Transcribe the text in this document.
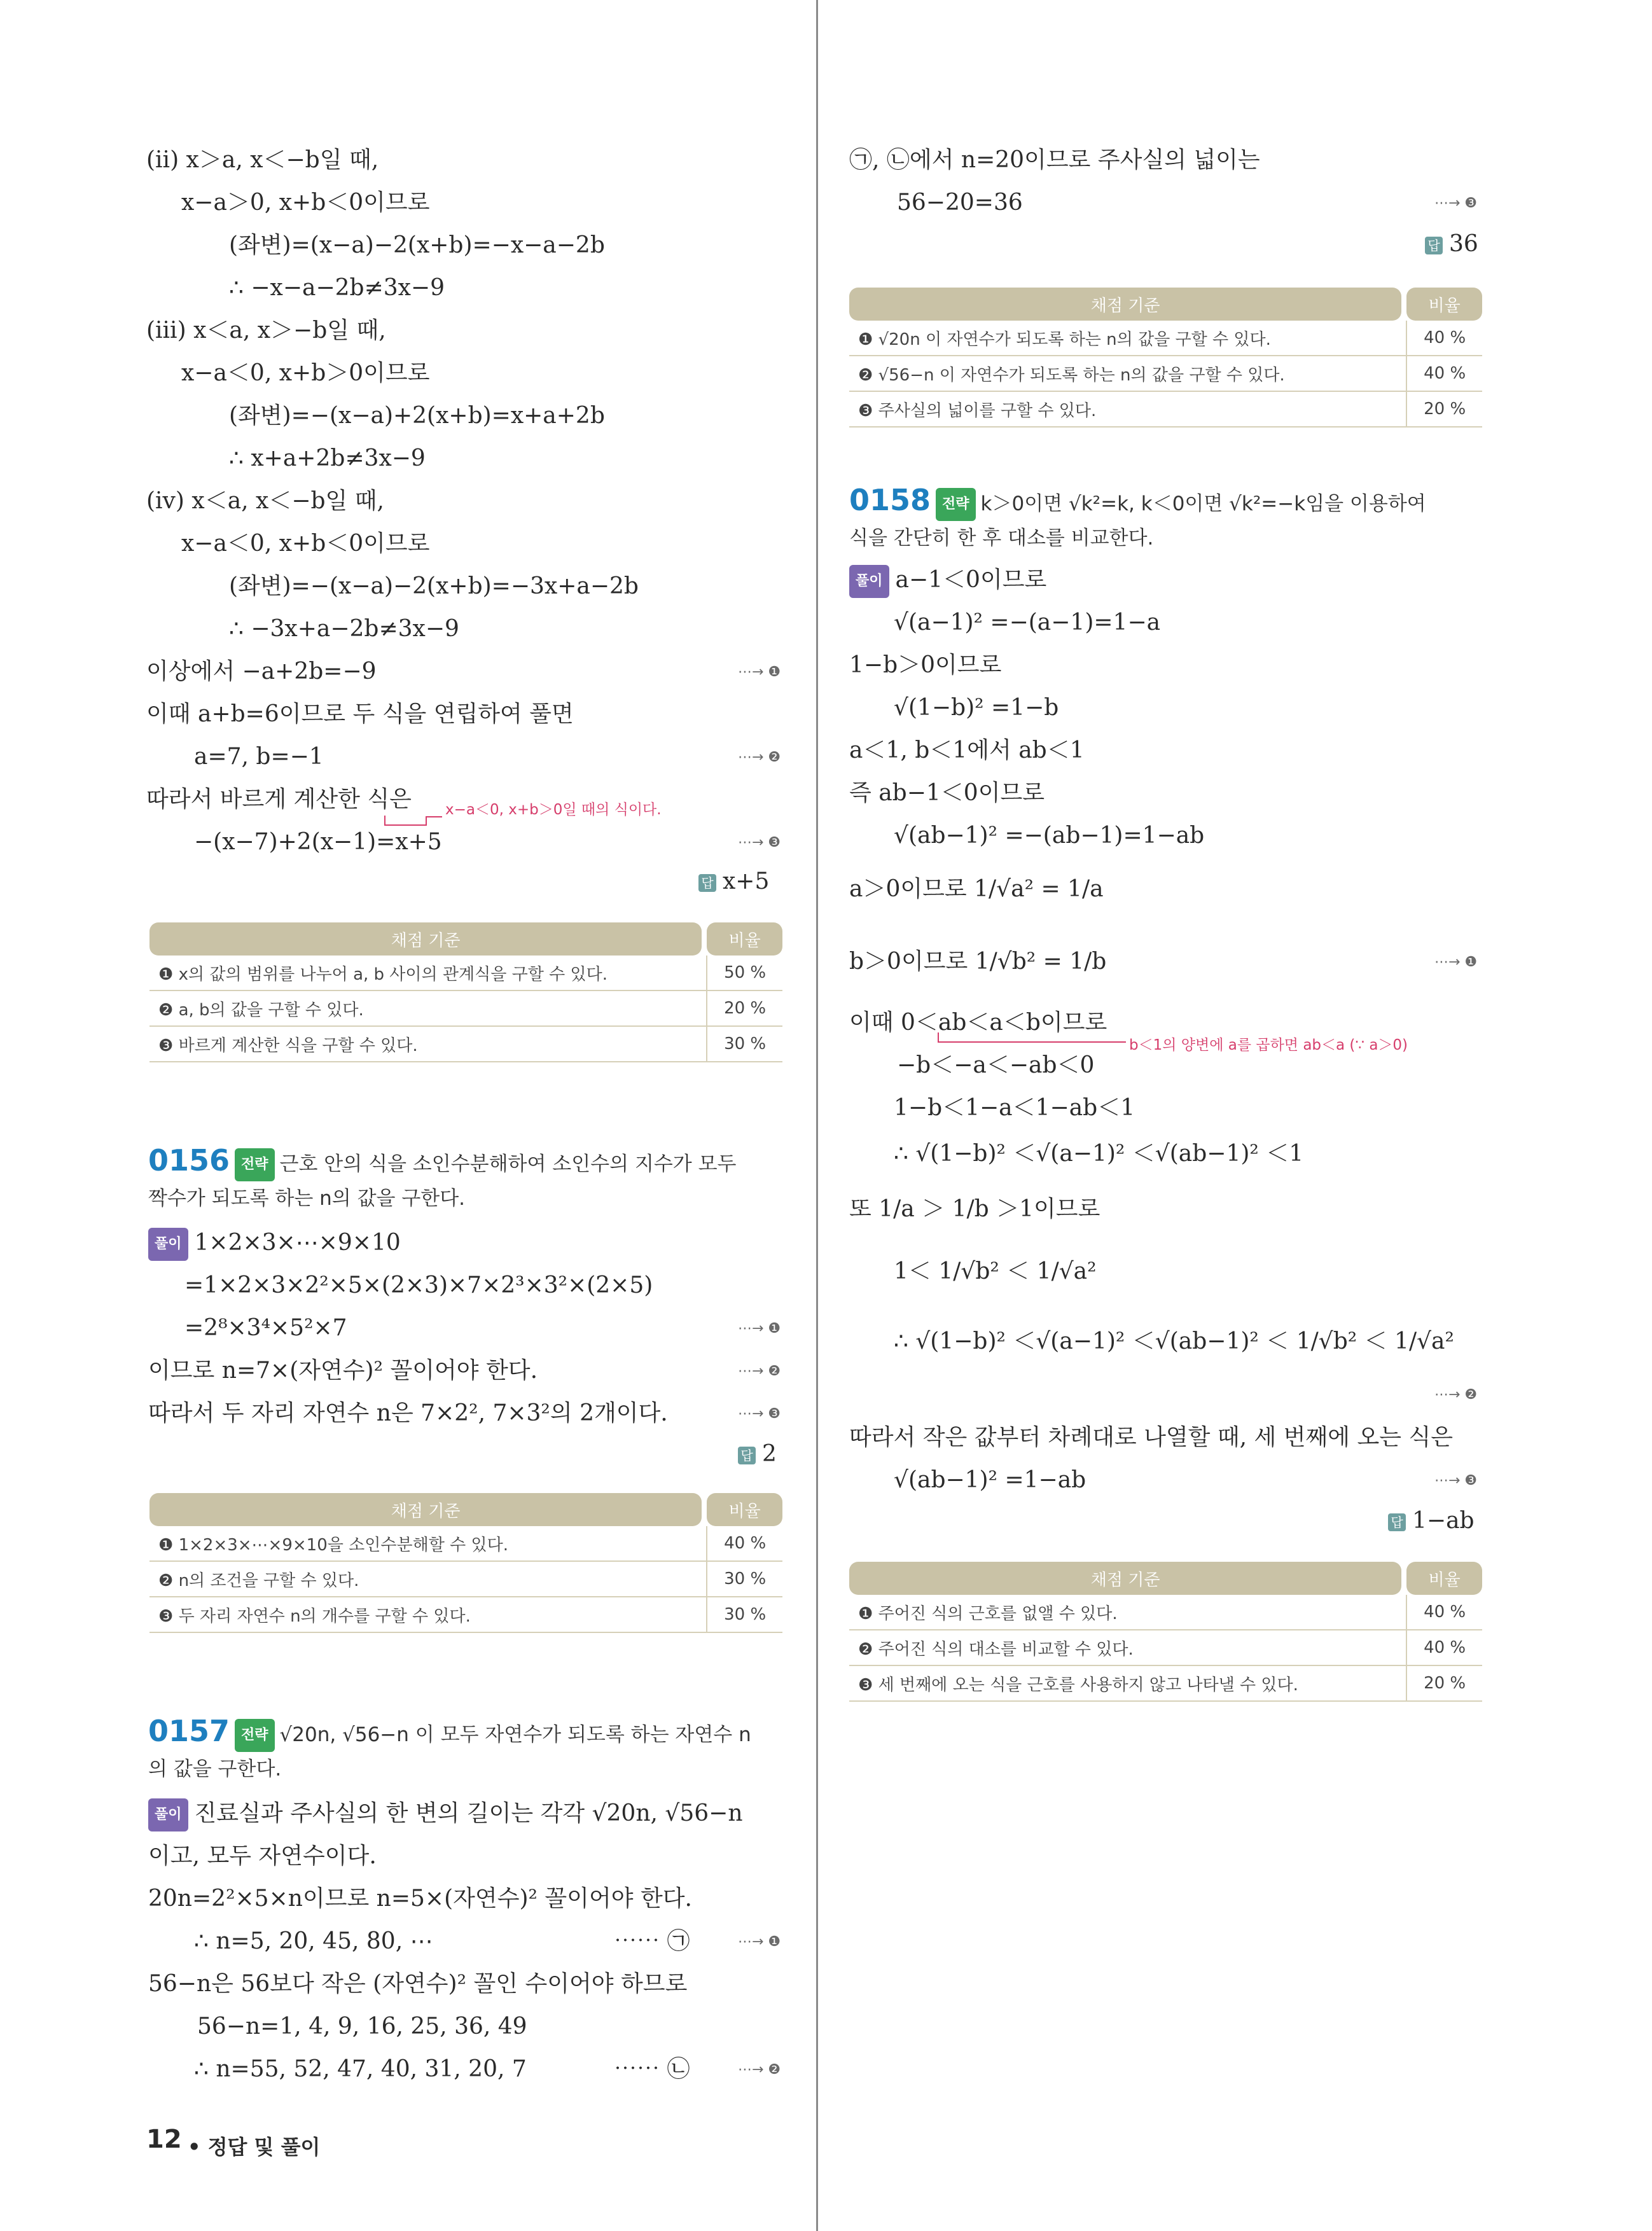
(ⅱ) x＞a, x＜−b일 때,
x−a＞0, x+b＜0이므로
(좌변)=(x−a)−2(x+b)=−x−a−2b
∴ −x−a−2b≠3x−9
(ⅲ) x＜a, x＞−b일 때,
x−a＜0, x+b＞0이므로
(좌변)=−(x−a)+2(x+b)=x+a+2b
∴ x+a+2b≠3x−9
(ⅳ) x＜a, x＜−b일 때,
x−a＜0, x+b＜0이므로
(좌변)=−(x−a)−2(x+b)=−3x+a−2b
∴ −3x+a−2b≠3x−9
이상에서 −a+2b=−9	⋯→ ❶
이때 a+b=6이므로 두 식을 연립하여 풀면
a=7, b=−1	⋯→ ❷
따라서 바르게 계산한 식은 x−a＜0, x+b＞0일 때의 식이다.
−(x−7)+2(x−1)=x+5	⋯→ ❸
답 x+5
채점 기준		비율
❶ x의 값의 범위를 나누어 a, b 사이의 관계식을 구할 수 있다.		50 %
❷ a, b의 값을 구할 수 있다.		20 %
❸ 바르게 계산한 식을 구할 수 있다.		30 %
0156 전략 근호 안의 식을 소인수분해하여 소인수의 지수가 모두
짝수가 되도록 하는 n의 값을 구한다.
풀이 1×2×3×⋯×9×10
=1×2×3×2²×5×(2×3)×7×2³×3²×(2×5)
=2⁸×3⁴×5²×7	⋯→ ❶
이므로 n=7×(자연수)² 꼴이어야 한다.	⋯→ ❷
따라서 두 자리 자연수 n은 7×2², 7×3²의 2개이다.	⋯→ ❸
답 2
채점 기준		비율
❶ 1×2×3×⋯×9×10을 소인수분해할 수 있다.		40 %
❷ n의 조건을 구할 수 있다.		30 %
❸ 두 자리 자연수 n의 개수를 구할 수 있다.		30 %
0157 전략 √20n, √56−n 이 모두 자연수가 되도록 하는 자연수 n
의 값을 구한다.
풀이 진료실과 주사실의 한 변의 길이는 각각 √20n, √56−n
이고, 모두 자연수이다.
20n=2²×5×n이므로 n=5×(자연수)² 꼴이어야 한다.
∴ n=5, 20, 45, 80, ⋯	⋯⋯ ㉠	⋯→ ❶
56−n은 56보다 작은 (자연수)² 꼴인 수이어야 하므로
56−n=1, 4, 9, 16, 25, 36, 49
∴ n=55, 52, 47, 40, 31, 20, 7	⋯⋯ ㉡	⋯→ ❷
㉠, ㉡에서 n=20이므로 주사실의 넓이는
56−20=36	⋯→ ❸
답 36
채점 기준		비율
❶ √20n 이 자연수가 되도록 하는 n의 값을 구할 수 있다.		40 %
❷ √56−n 이 자연수가 되도록 하는 n의 값을 구할 수 있다.		40 %
❸ 주사실의 넓이를 구할 수 있다.		20 %
0158 전략 k＞0이면 √k²=k, k＜0이면 √k²=−k임을 이용하여
식을 간단히 한 후 대소를 비교한다.
풀이 a−1＜0이므로
√(a−1)² =−(a−1)=1−a
1−b＞0이므로
√(1−b)² =1−b
a＜1, b＜1에서 ab＜1
즉 ab−1＜0이므로
√(ab−1)² =−(ab−1)=1−ab
a＞0이므로 1/√a² = 1/a
b＞0이므로 1/√b² = 1/b	⋯→ ❶
이때 0＜ab＜a＜b이므로
b＜1의 양변에 a를 곱하면 ab＜a (∵ a＞0)
−b＜−a＜−ab＜0
1−b＜1−a＜1−ab＜1
∴ √(1−b)² ＜√(a−1)² ＜√(ab−1)² ＜1
또 1/a ＞ 1/b ＞1이므로
1＜ 1/√b² ＜ 1/√a²
∴ √(1−b)² ＜√(a−1)² ＜√(ab−1)² ＜ 1/√b² ＜ 1/√a²
⋯→ ❷
따라서 작은 값부터 차례대로 나열할 때, 세 번째에 오는 식은
√(ab−1)² =1−ab	⋯→ ❸
답 1−ab
채점 기준		비율
❶ 주어진 식의 근호를 없앨 수 있다.		40 %
❷ 주어진 식의 대소를 비교할 수 있다.		40 %
❸ 세 번째에 오는 식을 근호를 사용하지 않고 나타낼 수 있다.		20 %
12 • 정답 및 풀이
